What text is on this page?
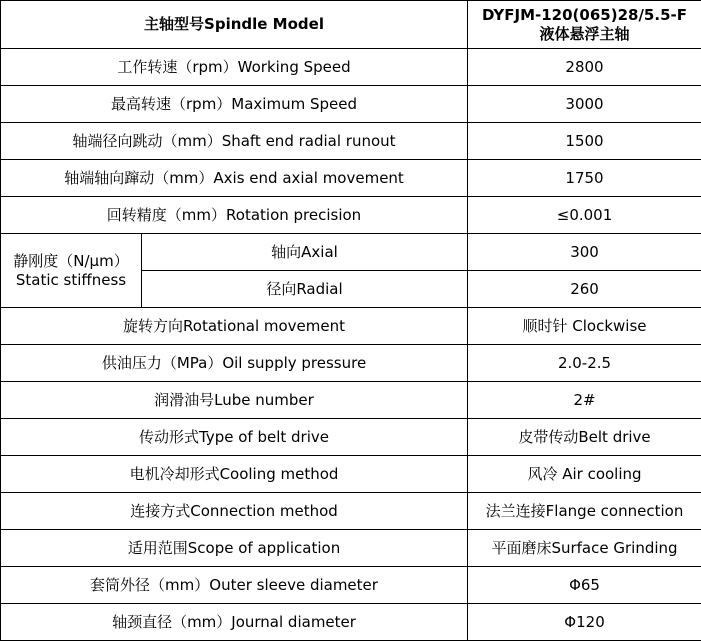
主轴型号Spindle Model		DYFJM-120(065)28/5.5-F
液体悬浮主轴

工作转速（rpm）Working Speed		2800
最高转速（rpm）Maximum Speed		3000
轴端径向跳动（mm）Shaft end radial runout		1500
轴端轴向蹿动（mm）Axis end axial movement		1750
回转精度（mm）Rotation precision		≤0.001

静刚度（N/μm）
Static stiffness	轴向Axial	300
	径向Radial	260
旋转方向Rotational movement		顺时针 Clockwise
供油压力（MPa）Oil supply pressure		2.0-2.5
润滑油号Lube number		2#
传动形式Type of belt drive		皮带传动Belt drive
电机冷却形式Cooling method		风冷 Air cooling
连接方式Connection method		法兰连接Flange connection
适用范围Scope of application		平面磨床Surface Grinding
套筒外径（mm）Outer sleeve diameter		Φ65
轴颈直径（mm）Journal diameter		Φ120
